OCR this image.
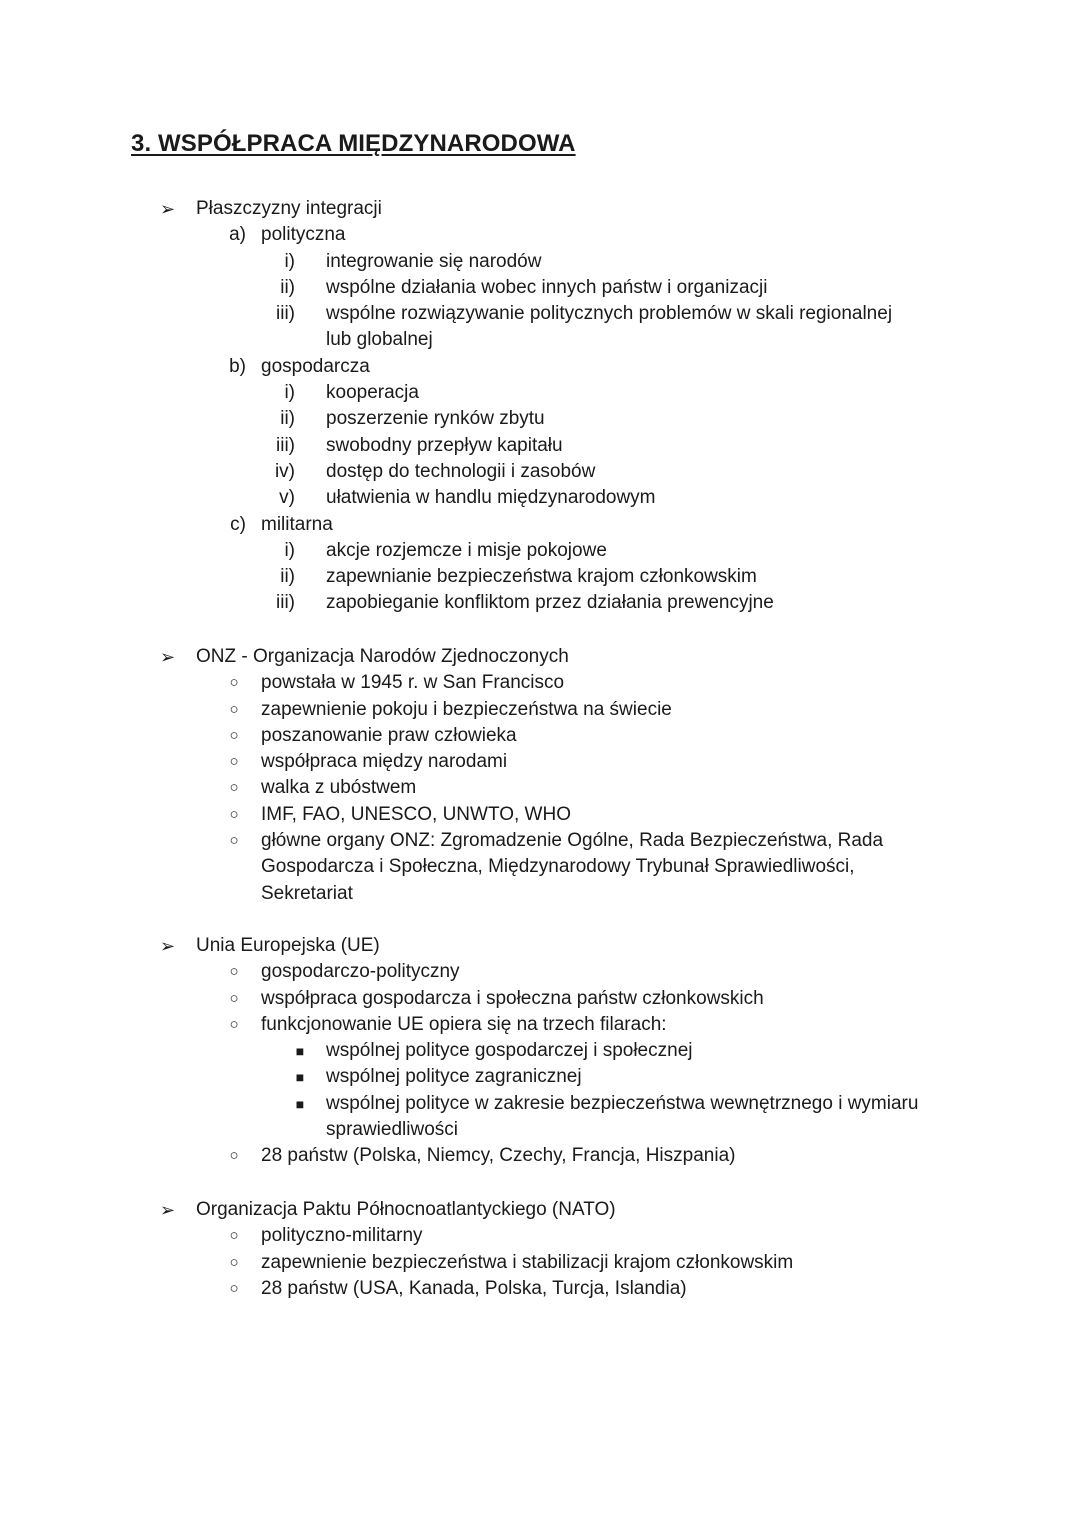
3. WSPÓŁPRACA MIĘDZYNARODOWA
➢	Płaszczyzny integracji
a) polityczna
i) integrowanie się narodów
ii) wspólne działania wobec innych państw i organizacji
iii) wspólne rozwiązywanie politycznych problemów w skali regionalnej
lub globalnej
b) gospodarcza
i) kooperacja
ii) poszerzenie rynków zbytu
iii) swobodny przepływ kapitału
iv) dostęp do technologii i zasobów
v) ułatwienia w handlu międzynarodowym
c) militarna
i) akcje rozjemcze i misje pokojowe
ii) zapewnianie bezpieczeństwa krajom członkowskim
iii) zapobieganie konfliktom przez działania prewencyjne
➢	ONZ - Organizacja Narodów Zjednoczonych
○ powstała w 1945 r. w San Francisco
○ zapewnienie pokoju i bezpieczeństwa na świecie
○ poszanowanie praw człowieka
○ współpraca między narodami
○ walka z ubóstwem
○ IMF, FAO, UNESCO, UNWTO, WHO
○ główne organy ONZ: Zgromadzenie Ogólne, Rada Bezpieczeństwa, Rada
Gospodarcza i Społeczna, Międzynarodowy Trybunał Sprawiedliwości,
Sekretariat
➢	Unia Europejska (UE)
○ gospodarczo-polityczny
○ współpraca gospodarcza i społeczna państw członkowskich
○ funkcjonowanie UE opiera się na trzech filarach:
■ wspólnej polityce gospodarczej i społecznej
■ wspólnej polityce zagranicznej
■ wspólnej polityce w zakresie bezpieczeństwa wewnętrznego i wymiaru
sprawiedliwości
○ 28 państw (Polska, Niemcy, Czechy, Francja, Hiszpania)
➢	Organizacja Paktu Północnoatlantyckiego (NATO)
○ polityczno-militarny
○ zapewnienie bezpieczeństwa i stabilizacji krajom członkowskim
○ 28 państw (USA, Kanada, Polska, Turcja, Islandia)
